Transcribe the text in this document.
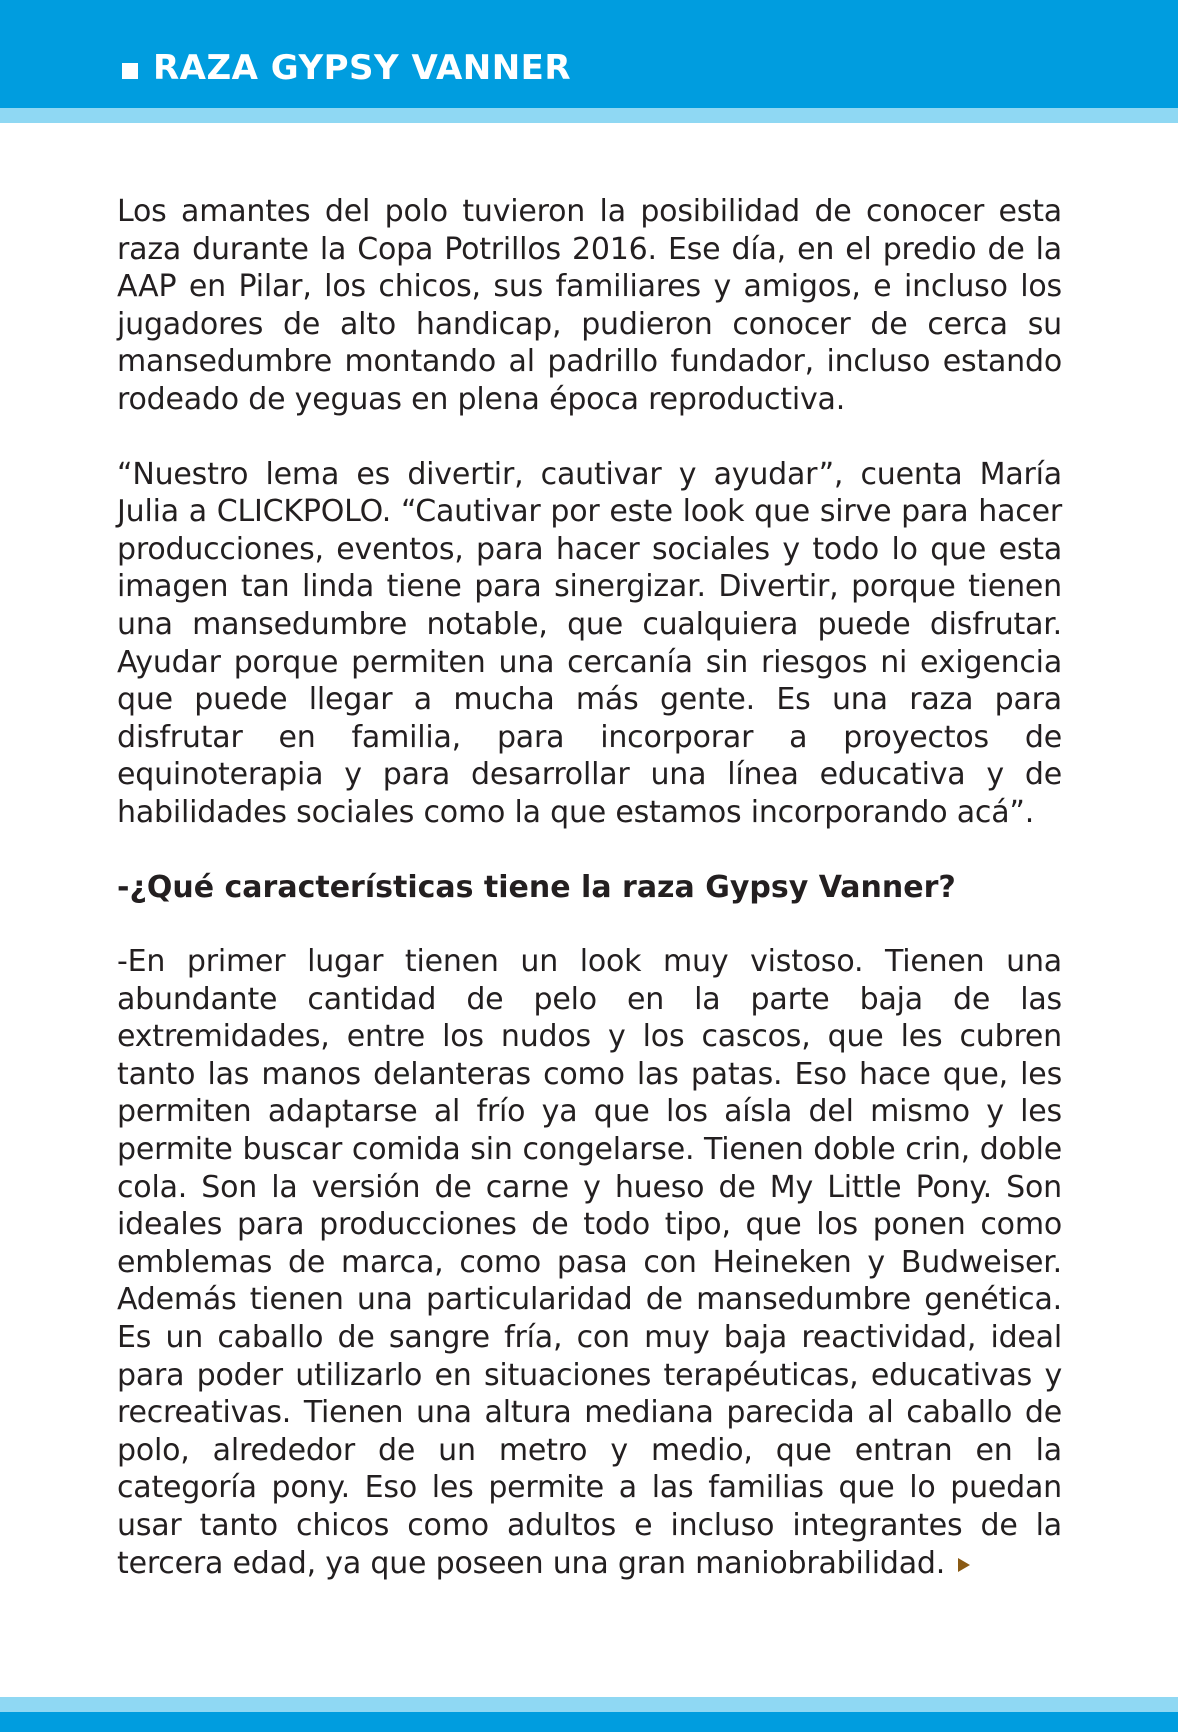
RAZA GYPSY VANNER

Los amantes del polo tuvieron la posibilidad de conocer esta raza durante la Copa Potrillos 2016. Ese día, en el predio de la AAP en Pilar, los chicos, sus familiares y amigos, e incluso los jugadores de alto handicap, pudieron conocer de cerca su mansedumbre montando al padrillo fundador, incluso estando rodeado de yeguas en plena época reproductiva.

“Nuestro lema es divertir, cautivar y ayudar”, cuenta María Julia a CLICKPOLO. “Cautivar por este look que sirve para hacer producciones, eventos, para hacer sociales y todo lo que esta imagen tan linda tiene para sinergizar. Divertir, porque tienen una mansedumbre notable, que cualquiera puede disfrutar. Ayudar porque permiten una cercanía sin riesgos ni exigencia que puede llegar a mucha más gente. Es una raza para disfrutar en familia, para incorporar a proyectos de equinoterapia y para desarrollar una línea educativa y de habilidades sociales como la que estamos incorporando acá”.

-¿Qué características tiene la raza Gypsy Vanner?

-En primer lugar tienen un look muy vistoso. Tienen una abundante cantidad de pelo en la parte baja de las extremidades, entre los nudos y los cascos, que les cubren tanto las manos delanteras como las patas. Eso hace que, les permiten adaptarse al frío ya que los aísla del mismo y les permite buscar comida sin congelarse. Tienen doble crin, doble cola. Son la versión de carne y hueso de My Little Pony. Son ideales para producciones de todo tipo, que los ponen como emblemas de marca, como pasa con Heineken y Budweiser. Además tienen una particularidad de mansedumbre genética. Es un caballo de sangre fría, con muy baja reactividad, ideal para poder utilizarlo en situaciones terapéuticas, educativas y recreativas. Tienen una altura mediana parecida al caballo de polo, alrededor de un metro y medio, que entran en la categoría pony. Eso les permite a las familias que lo puedan usar tanto chicos como adultos e incluso integrantes de la tercera edad, ya que poseen una gran maniobrabilidad.
